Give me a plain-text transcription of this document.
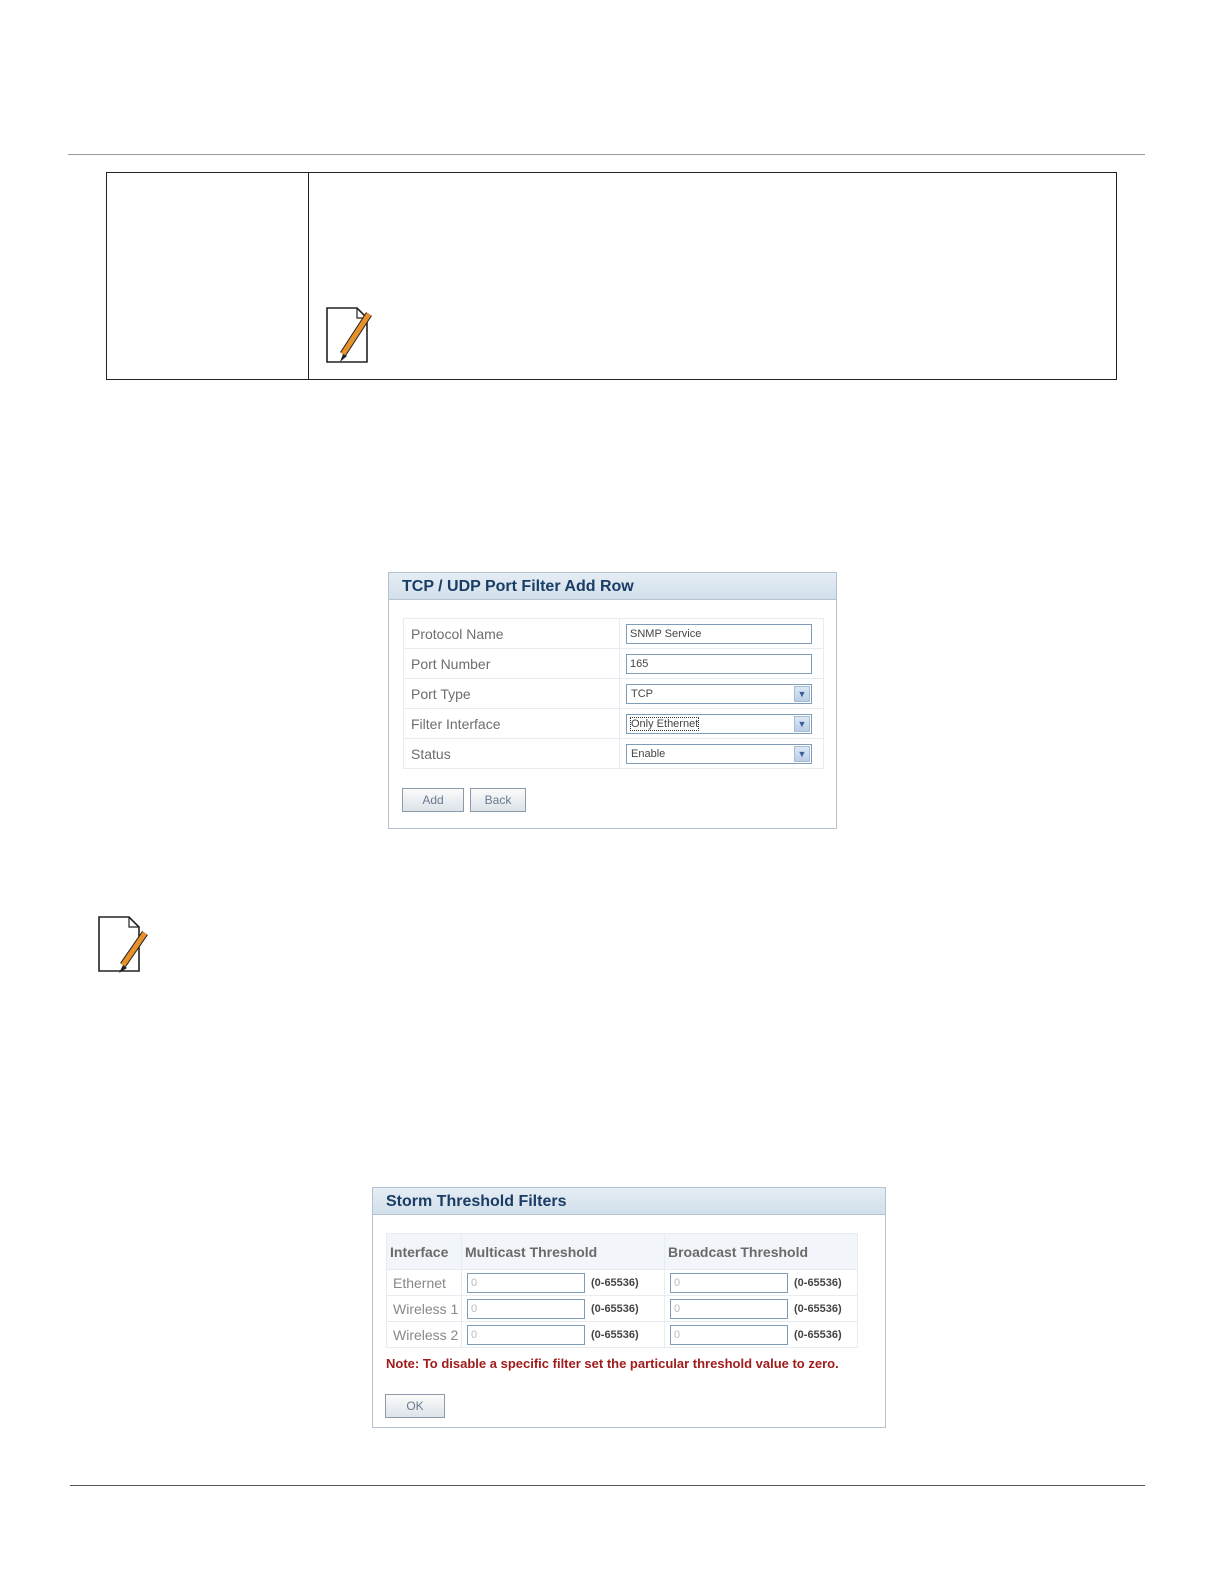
TCP / UDP Port Filter Add Row
Protocol Name	SNMP Service

Port Number	165

Port Type	TCP ▼

Filter Interface	Only Ethernet ▼

Status	Enable ▼
Add	Back
Storm Threshold Filters
Interface	Multicast Threshold	Broadcast Threshold
Ethernet	0 (0-65536)	0 (0-65536)
Wireless 1	0 (0-65536)	0 (0-65536)
Wireless 2	0 (0-65536)	0 (0-65536)
Note: To disable a specific filter set the particular threshold value to zero.
OK
